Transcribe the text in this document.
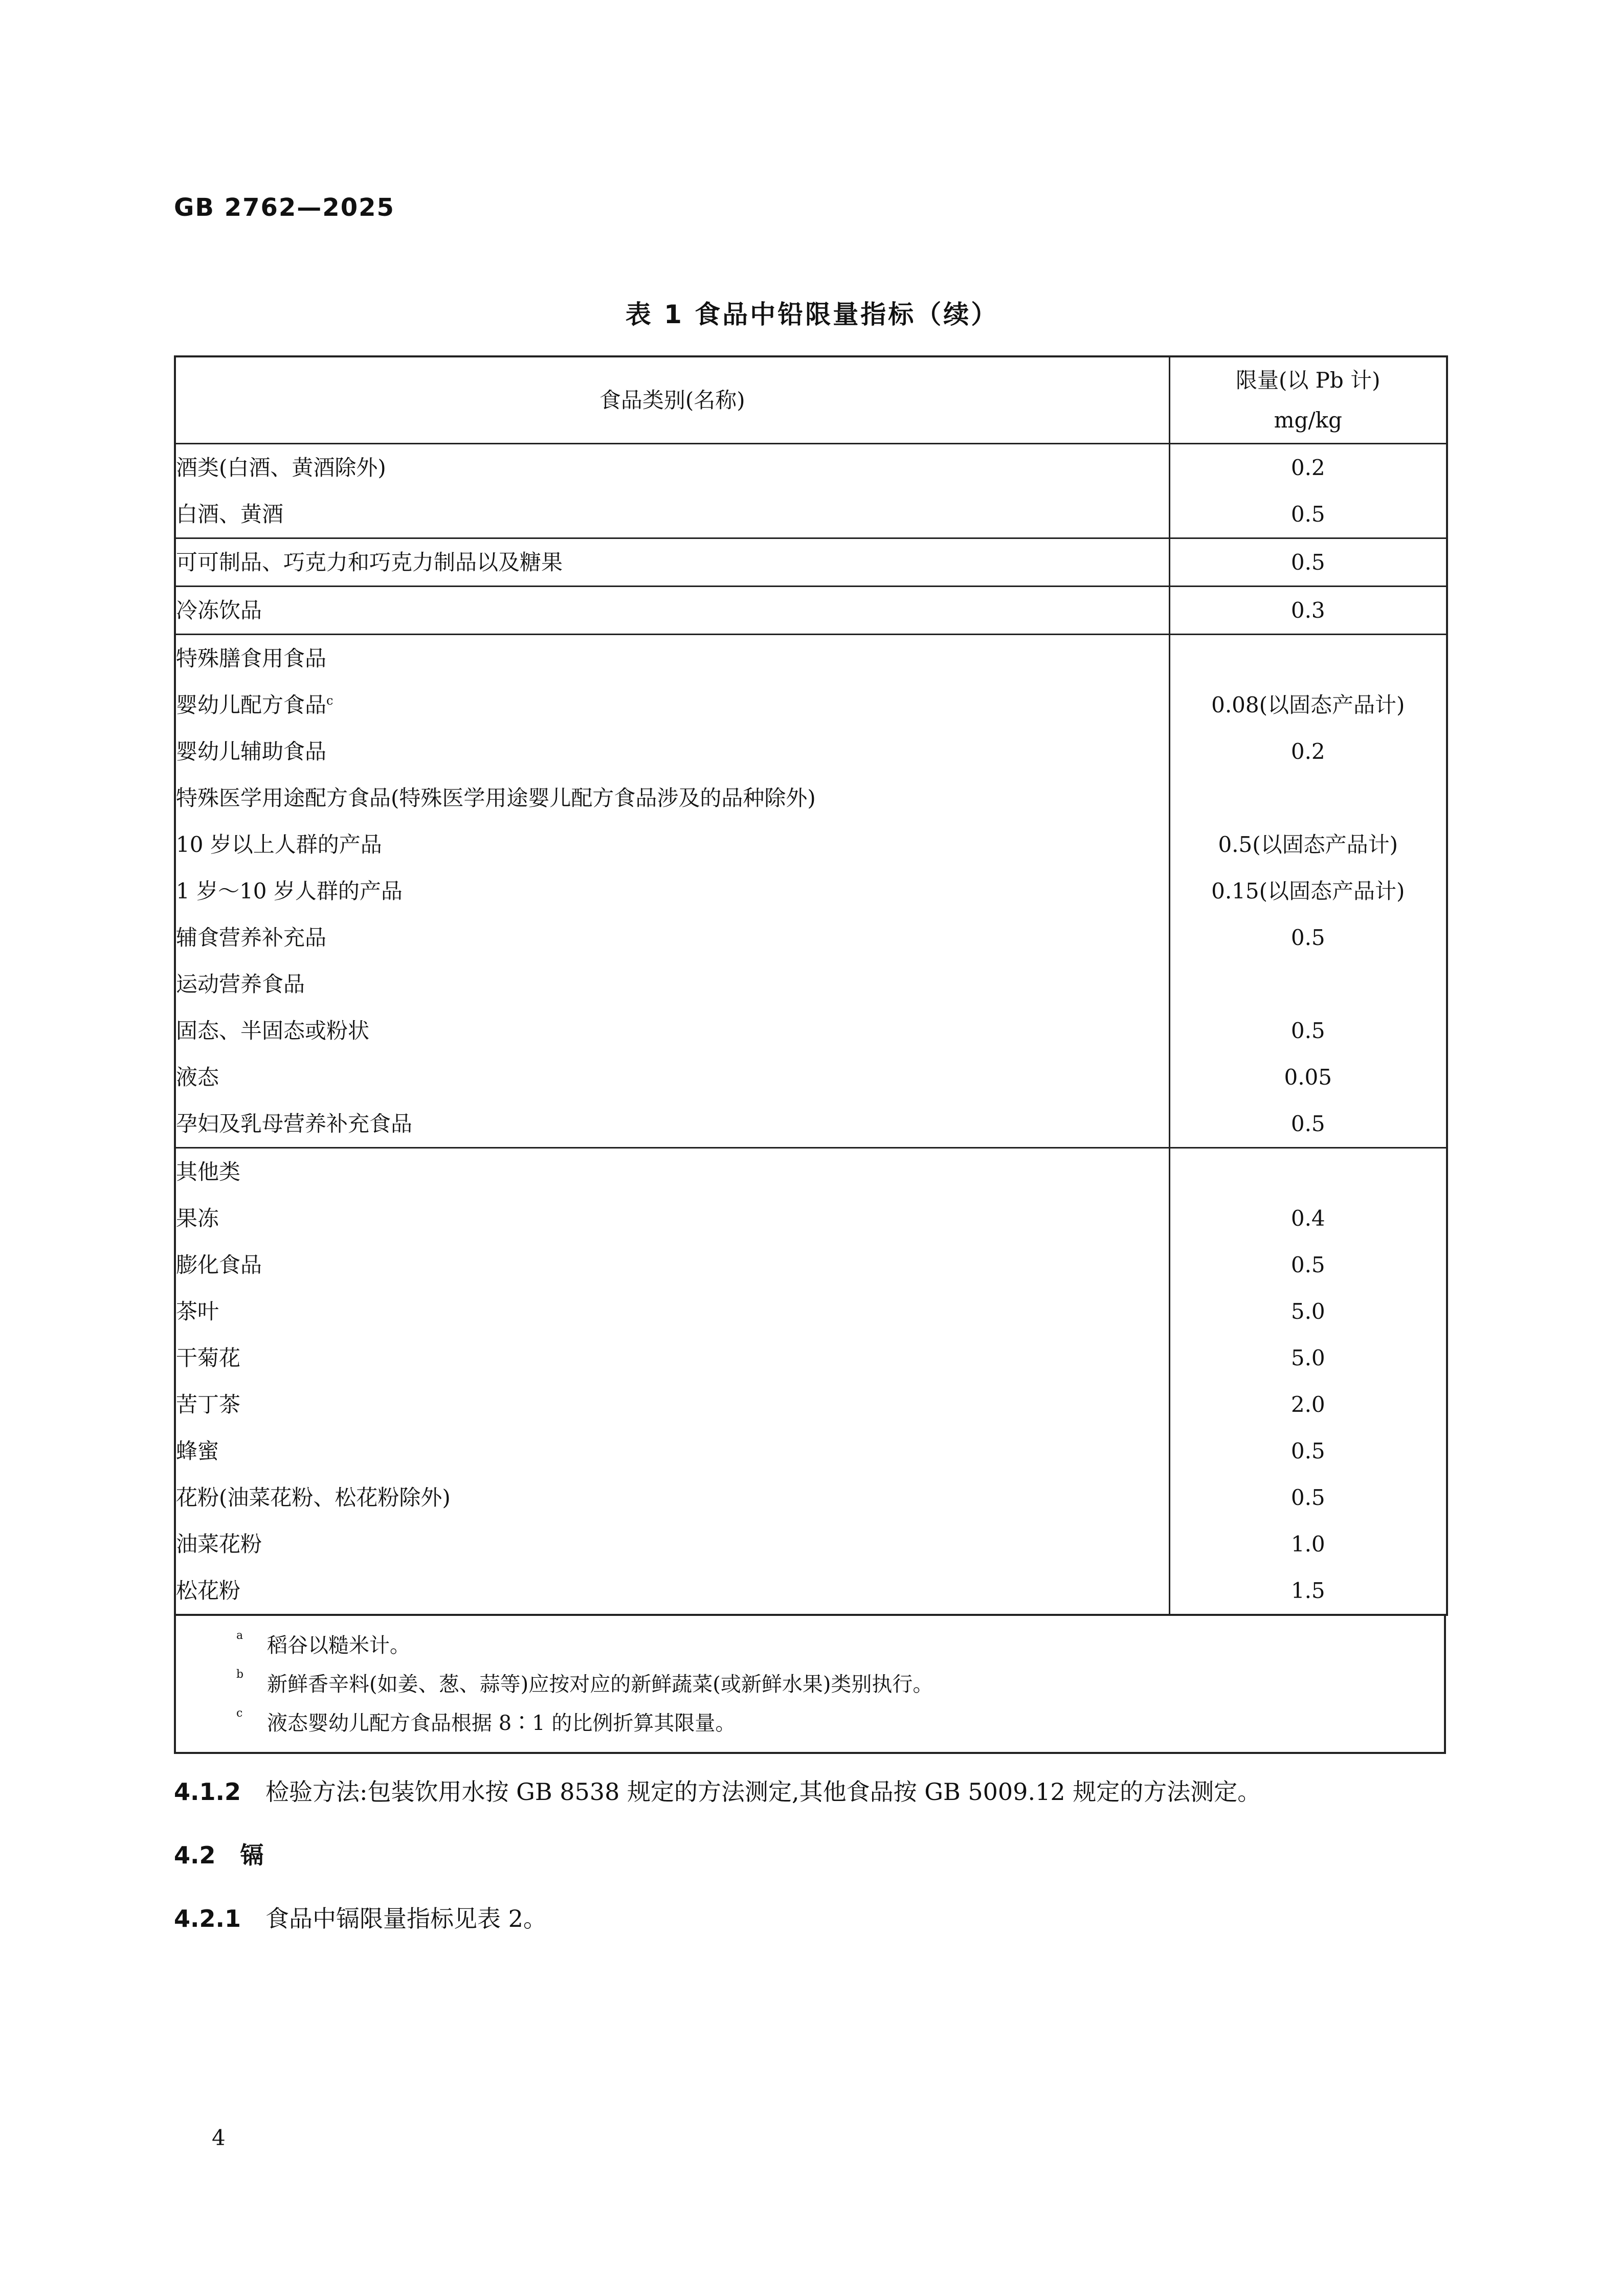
GB 2762—2025
表 1 食品中铅限量指标（续）
食品类别(名称)	限量(以 Pb 计)
mg/kg

酒类(白酒、黄酒除外)	0.2
白酒、黄酒	0.5
可可制品、巧克力和巧克力制品以及糖果	0.5
冷冻饮品	0.3
特殊膳食用食品	
婴幼儿配方食品$^c$	0.08(以固态产品计)
婴幼儿辅助食品	0.2
特殊医学用途配方食品(特殊医学用途婴儿配方食品涉及的品种除外)	
10 岁以上人群的产品	0.5(以固态产品计)
1 岁～10 岁人群的产品	0.15(以固态产品计)
辅食营养补充品	0.5
运动营养食品	
固态、半固态或粉状	0.5
液态	0.05
孕妇及乳母营养补充食品	0.5
其他类	
果冻	0.4
膨化食品	0.5
茶叶	5.0
干菊花	5.0
苦丁茶	2.0
蜂蜜	0.5
花粉(油菜花粉、松花粉除外)	0.5
油菜花粉	1.0
松花粉	1.5
a 稻谷以糙米计。
b 新鲜香辛料(如姜、葱、蒜等)应按对应的新鲜蔬菜(或新鲜水果)类别执行。
c 液态婴幼儿配方食品根据 8∶1 的比例折算其限量。
4.1.2 检验方法:包装饮用水按 GB 8538 规定的方法测定,其他食品按 GB 5009.12 规定的方法测定。
4.2 镉
4.2.1 食品中镉限量指标见表 2。
4
